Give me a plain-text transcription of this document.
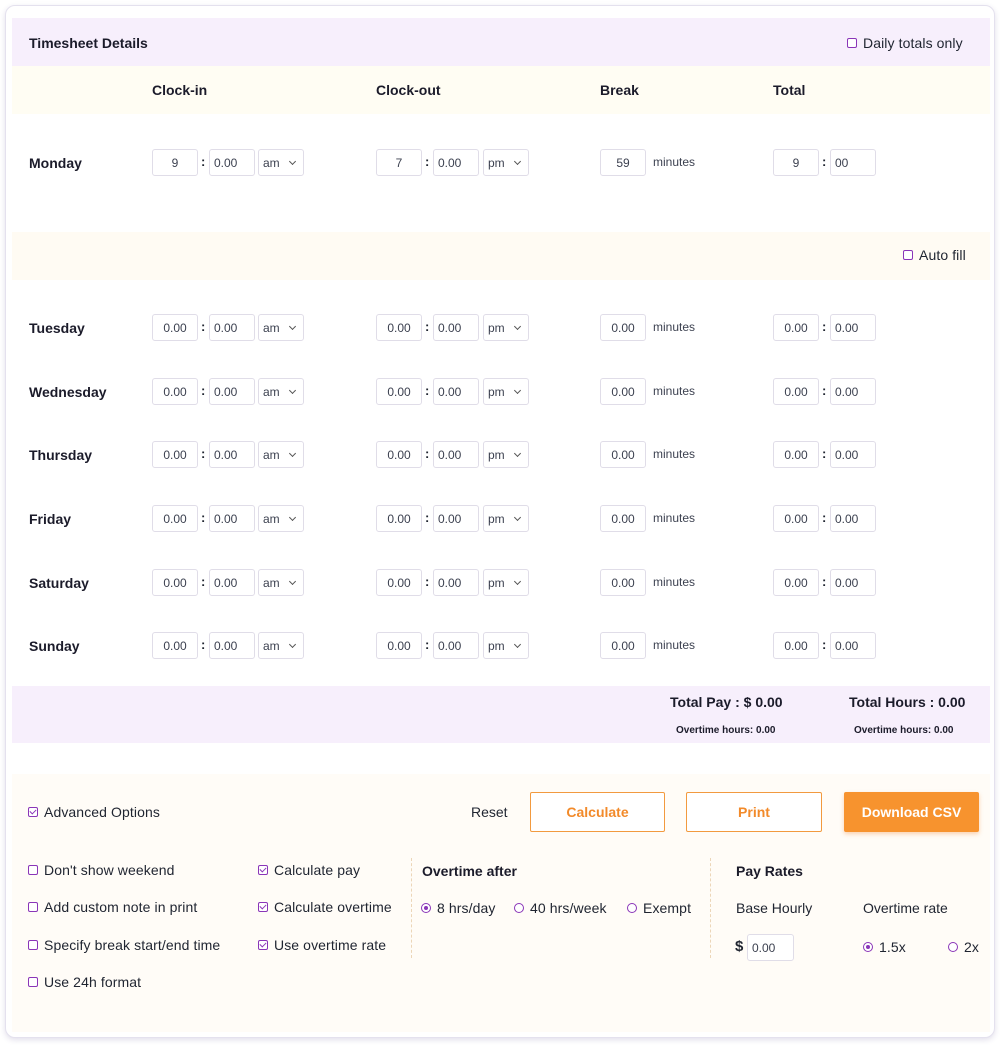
Timesheet Details	Daily totals only
Clock-in	Clock-out	Break	Total
Auto fill
Monday	9	: 0.00	am	7	: 0.00	pm	59	minutes	9	: 00
Tuesday	0.00	: 0.00	am	0.00	: 0.00	pm	0.00	minutes	0.00	: 0.00
Wednesday	0.00	: 0.00	am	0.00	: 0.00	pm	0.00	minutes	0.00	: 0.00
Thursday	0.00	: 0.00	am	0.00	: 0.00	pm	0.00	minutes	0.00	: 0.00
Friday	0.00	: 0.00	am	0.00	: 0.00	pm	0.00	minutes	0.00	: 0.00
Saturday	0.00	: 0.00	am	0.00	: 0.00	pm	0.00	minutes	0.00	: 0.00
Sunday	0.00	: 0.00	am	0.00	: 0.00	pm	0.00	minutes	0.00	: 0.00
Total Pay : $ 0.00	Total Hours : 0.00
Overtime hours: 0.00	Overtime hours: 0.00
Advanced Options	Reset	Calculate	Print	Download CSV
Don't show weekend
Add custom note in print
Specify break start/end time
Use 24h format
Calculate pay
Calculate overtime
Use overtime rate
Overtime after
8 hrs/day 40 hrs/week	Exempt
Pay Rates
Base Hourly	Overtime rate
$ 0.00	1.5x	2x
